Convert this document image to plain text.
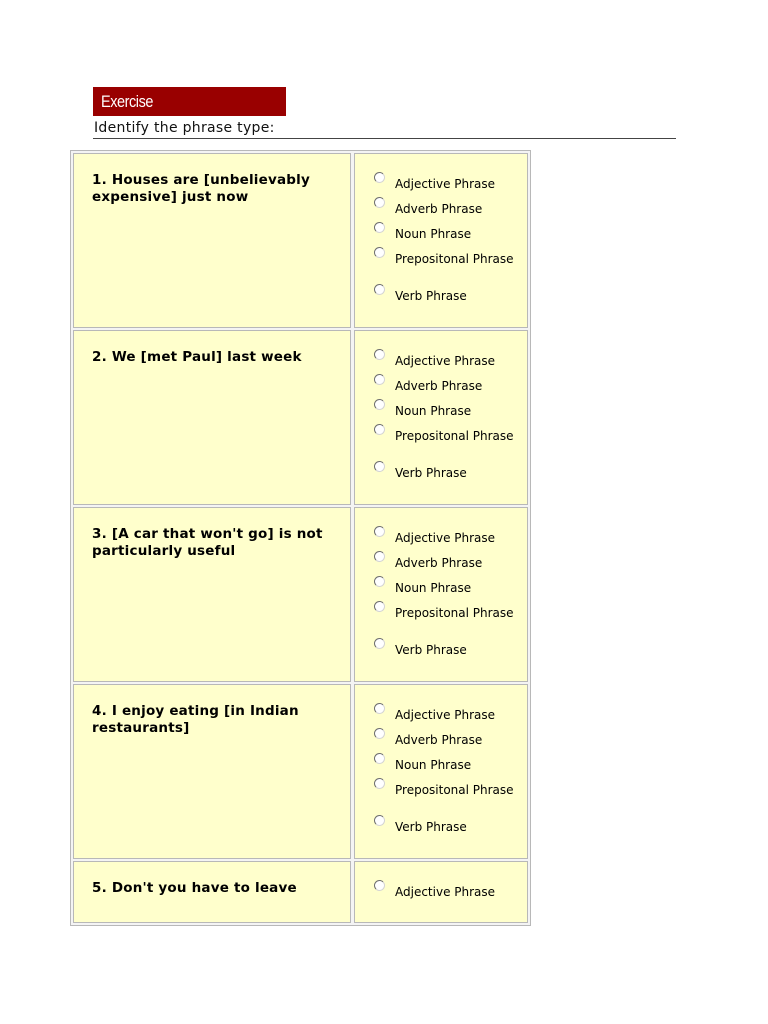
Exercise
Identify the phrase type:
1. Houses are [unbelievably expensive] just now
Adjective Phrase
Adverb Phrase
Noun Phrase
Prepositonal Phrase
Verb Phrase
2. We [met Paul] last week	Adjective Phrase
Adverb Phrase
Noun Phrase
Prepositonal Phrase
Verb Phrase
3. [A car that won't go] is not particularly useful
Adjective Phrase
Adverb Phrase
Noun Phrase
Prepositonal Phrase
Verb Phrase
4. I enjoy eating [in Indian restaurants]
Adjective Phrase
Adverb Phrase
Noun Phrase
Prepositonal Phrase
Verb Phrase
5. Don't you have to leave	Adjective Phrase
